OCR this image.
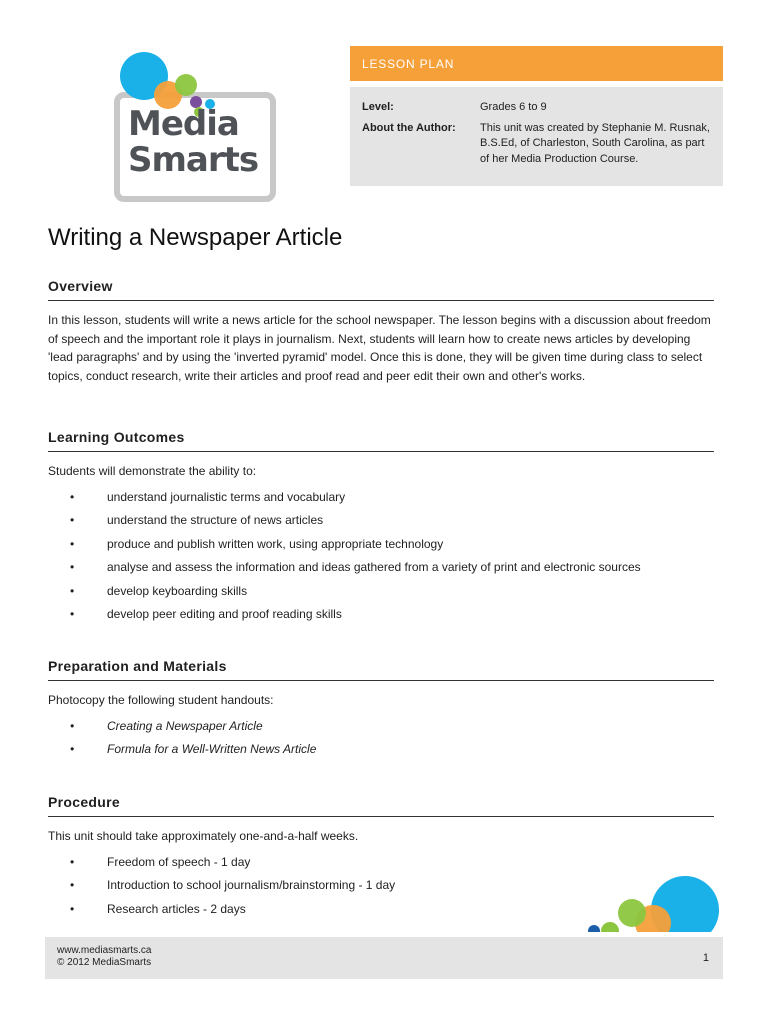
Media
Smarts
LESSON PLAN
Level:	Grades 6 to 9
About the Author:	This unit was created by Stephanie M. Rusnak, B.S.Ed, of Charleston, South Carolina, as part of her Media Production Course.
Writing a Newspaper Article
Overview

In this lesson, students will write a news article for the school newspaper. The lesson begins with a discussion about freedom of speech and the important role it plays in journalism. Next, students will learn how to create news articles by developing 'lead paragraphs' and by using the 'inverted pyramid' model. Once this is done, they will be given time during class to select topics, conduct research, write their articles and proof read and peer edit their own and other's works.

Learning Outcomes

Students will demonstrate the ability to:

• understand journalistic terms and vocabulary
• understand the structure of news articles
• produce and publish written work, using appropriate technology
• analyse and assess the information and ideas gathered from a variety of print and electronic sources
• develop keyboarding skills
• develop peer editing and proof reading skills
Preparation and Materials

Photocopy the following student handouts:

• Creating a Newspaper Article
• Formula for a Well-Written News Article
Procedure

This unit should take approximately one-and-a-half weeks.

• Freedom of speech - 1 day
• Introduction to school journalism/brainstorming - 1 day
• Research articles - 2 days
www.mediasmarts.ca
© 2012 MediaSmarts	1
